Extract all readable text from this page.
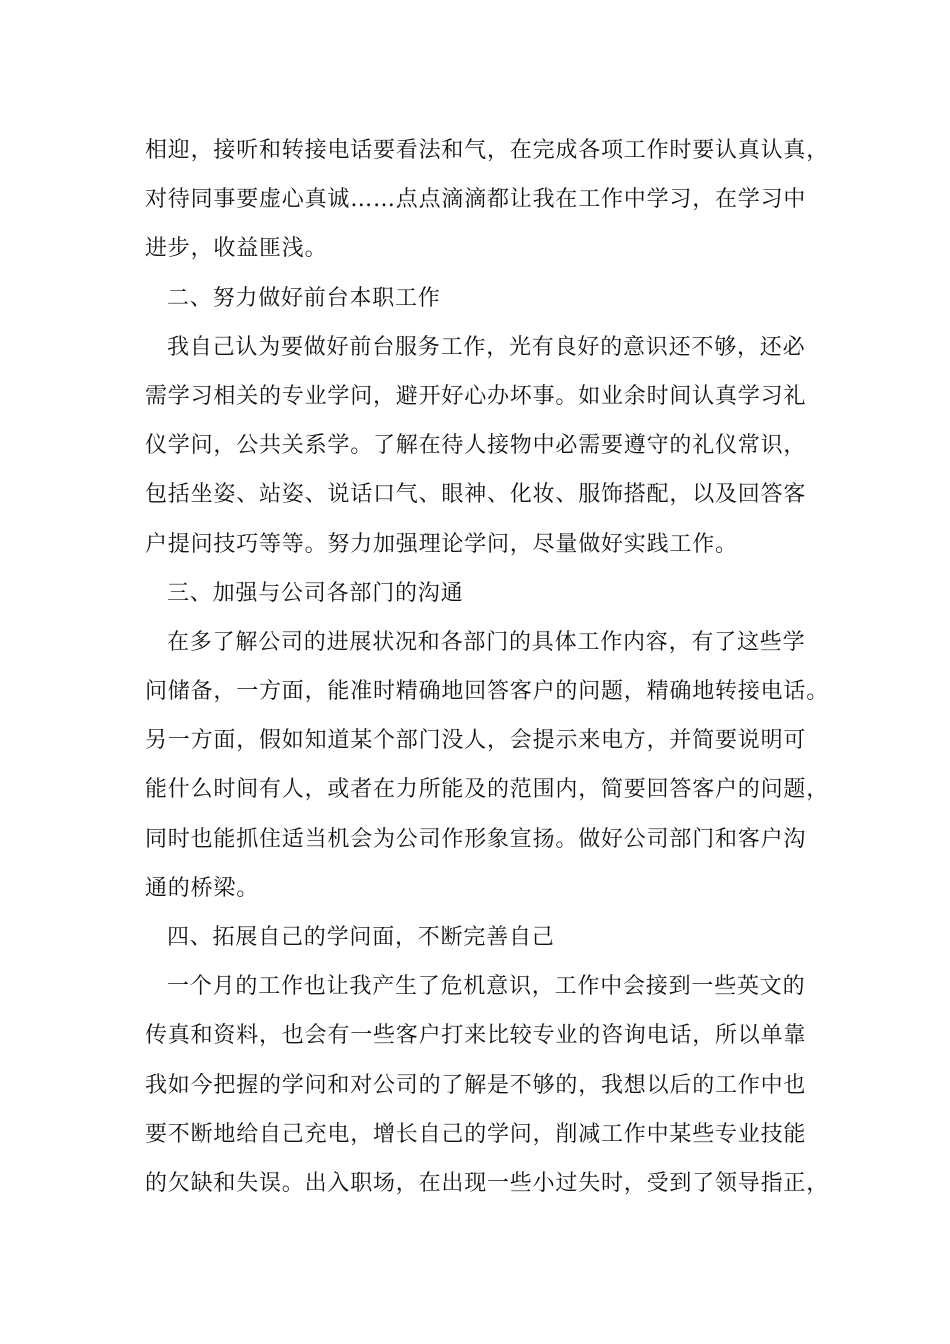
相迎，接听和转接电话要看法和气，在完成各项工作时要认真认真，
对待同事要虚心真诚……点点滴滴都让我在工作中学习，在学习中
进步，收益匪浅。
二、努力做好前台本职工作
我自己认为要做好前台服务工作，光有良好的意识还不够，还必
需学习相关的专业学问，避开好心办坏事。如业余时间认真学习礼
仪学问，公共关系学。了解在待人接物中必需要遵守的礼仪常识，
包括坐姿、站姿、说话口气、眼神、化妆、服饰搭配，以及回答客
户提问技巧等等。努力加强理论学问，尽量做好实践工作。
三、加强与公司各部门的沟通
在多了解公司的进展状况和各部门的具体工作内容，有了这些学
问储备，一方面，能准时精确地回答客户的问题，精确地转接电话。
另一方面，假如知道某个部门没人，会提示来电方，并简要说明可
能什么时间有人，或者在力所能及的范围内，简要回答客户的问题，
同时也能抓住适当机会为公司作形象宣扬。做好公司部门和客户沟
通的桥梁。
四、拓展自己的学问面，不断完善自己
一个月的工作也让我产生了危机意识，工作中会接到一些英文的
传真和资料，也会有一些客户打来比较专业的咨询电话，所以单靠
我如今把握的学问和对公司的了解是不够的，我想以后的工作中也
要不断地给自己充电，增长自己的学问，削减工作中某些专业技能
的欠缺和失误。出入职场，在出现一些小过失时，受到了领导指正，
